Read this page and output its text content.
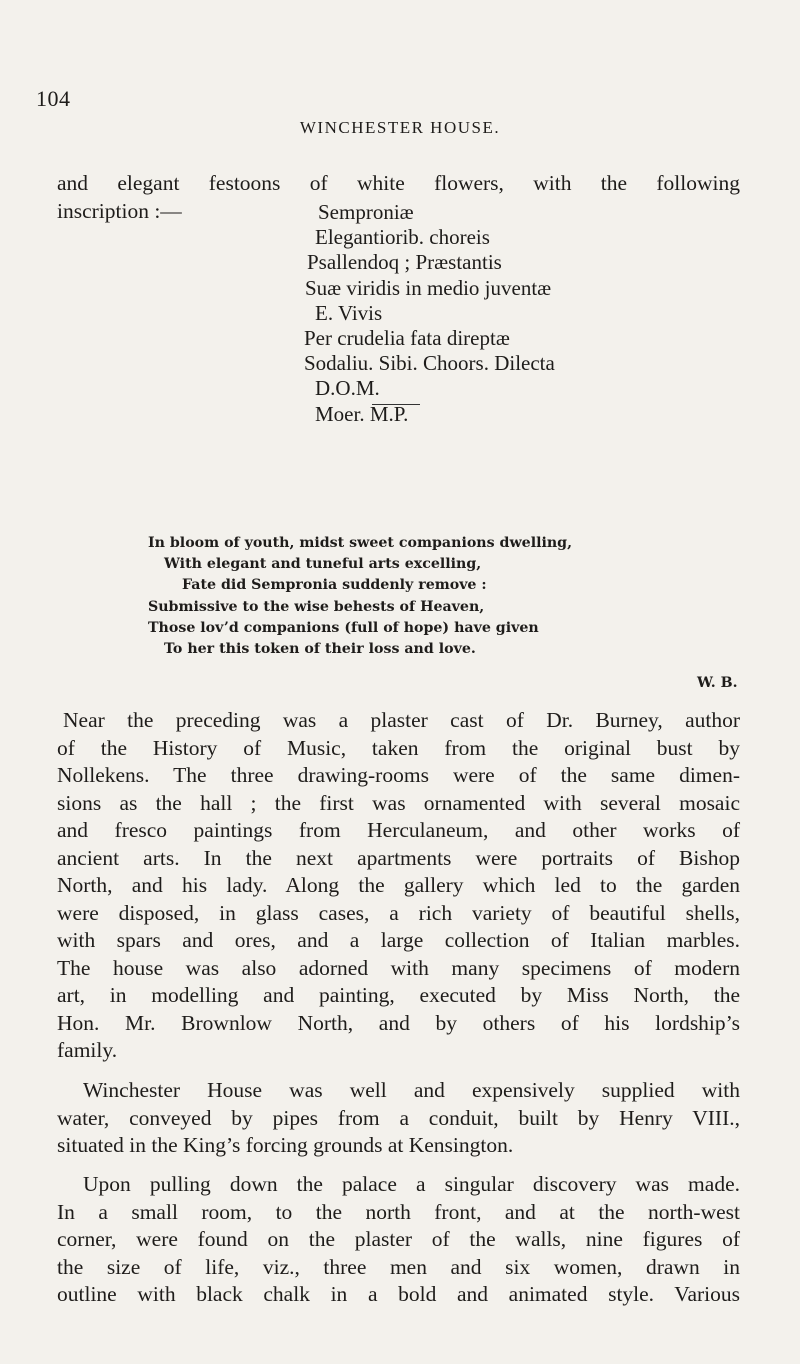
104
WINCHESTER HOUSE.
and elegant festoons of white flowers, with the following
inscription :—	Semproniæ
Elegantiorib. choreis
Psallendoq ; Præstantis
Suæ viridis in medio juventæ
E. Vivis
Per crudelia fata direptæ
Sodaliu. Sibi. Choors. Dilecta
D.O.M.
Moer. M.P.
In bloom of youth, midst sweet companions dwelling,
With elegant and tuneful arts excelling,
Fate did Sempronia suddenly remove :
Submissive to the wise behests of Heaven,
Those lov’d companions (full of hope) have given
To her this token of their loss and love.
W. B.
Near the preceding was a plaster cast of Dr. Burney, author
of the History of Music, taken from the original bust by
Nollekens. The three drawing-rooms were of the same dimen-
sions as the hall ; the first was ornamented with several mosaic
and fresco paintings from Herculaneum, and other works of
ancient arts. In the next apartments were portraits of Bishop
North, and his lady. Along the gallery which led to the garden
were disposed, in glass cases, a rich variety of beautiful shells,
with spars and ores, and a large collection of Italian marbles.
The house was also adorned with many specimens of modern
art, in modelling and painting, executed by Miss North, the
Hon. Mr. Brownlow North, and by others of his lordship’s
family.
Winchester House was well and expensively supplied with
water, conveyed by pipes from a conduit, built by Henry VIII.,
situated in the King’s forcing grounds at Kensington.
Upon pulling down the palace a singular discovery was made.
In a small room, to the north front, and at the north-west
corner, were found on the plaster of the walls, nine figures of
the size of life, viz., three men and six women, drawn in
outline with black chalk in a bold and animated style. Various
